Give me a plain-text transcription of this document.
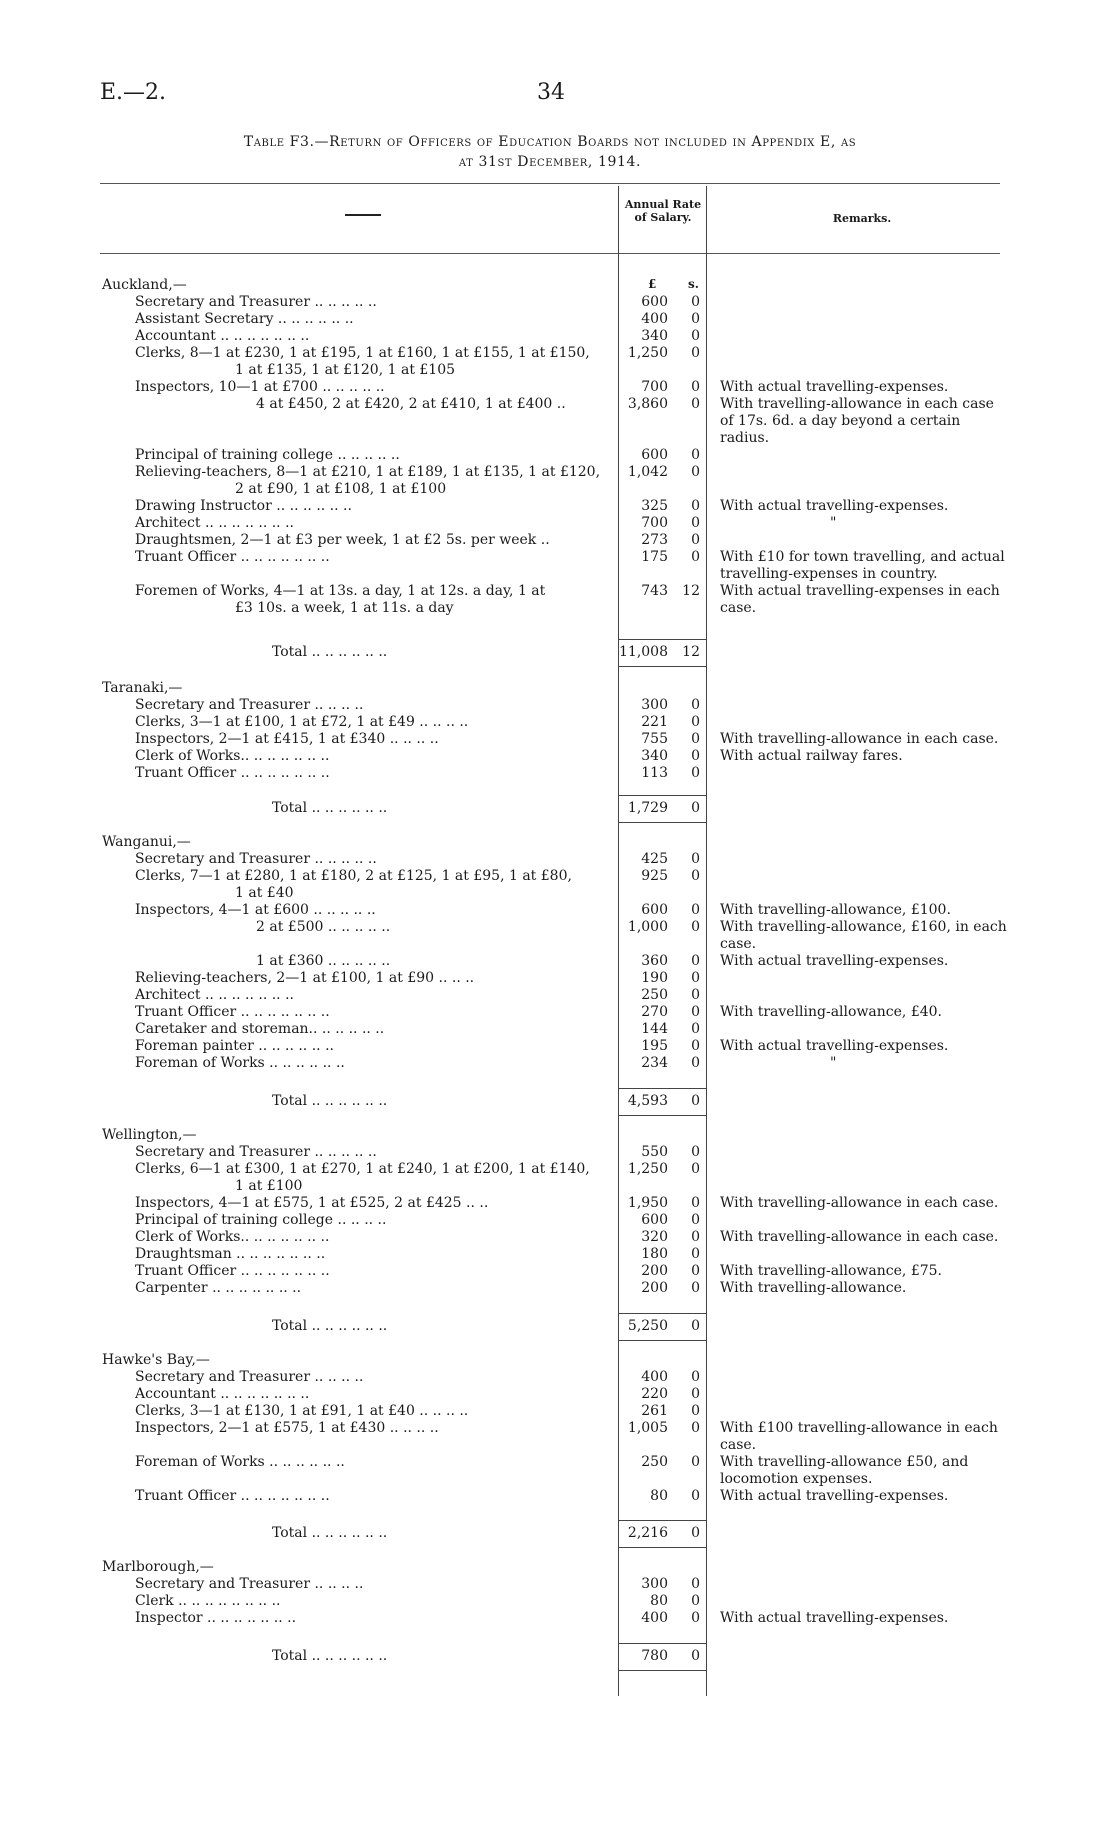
E.—2.	34
Table F3.—Return of Officers of Education Boards not included in Appendix E, as
at 31st December, 1914.
Annual Rate of Salary.	Remarks.
£	s.
Auckland,—
Secretary and Treasurer .. .. .. .. ..	600	0
Assistant Secretary .. .. .. .. .. ..	400	0
Accountant .. .. .. .. .. .. ..	340	0
Clerks, 8—1 at £230, 1 at £195, 1 at £160, 1 at £155, 1 at £150,
1 at £135, 1 at £120, 1 at £105
1,250	0
Inspectors, 10—1 at £700 .. .. .. .. ..	700	0 With actual travelling-expenses.
4 at £450, 2 at £420, 2 at £410, 1 at £400 ..	3,860	0 With travelling-allowance in each case of 17s. 6d. a day beyond a certain radius.
Principal of training college .. .. .. .. ..	600	0
Relieving-teachers, 8—1 at £210, 1 at £189, 1 at £135, 1 at £120,
2 at £90, 1 at £108, 1 at £100
1,042	0
Drawing Instructor .. .. .. .. .. ..	325	0 With actual travelling-expenses.
Architect .. .. .. .. .. .. ..	700	0	"
Draughtsmen, 2—1 at £3 per week, 1 at £2 5s. per week ..	273	0
Truant Officer .. .. .. .. .. .. ..	175	0 With £10 for town travelling, and actual travelling-expenses in country.
Foremen of Works, 4—1 at 13s. a day, 1 at 12s. a day, 1 at
£3 10s. a week, 1 at 11s. a day
743 12 With actual travelling-expenses in each case.
Total .. .. .. .. .. ..	11,008 12
Taranaki,—
Secretary and Treasurer .. .. .. ..	300	0
Clerks, 3—1 at £100, 1 at £72, 1 at £49 .. .. .. ..	221	0
Inspectors, 2—1 at £415, 1 at £340 .. .. .. ..	755	0 With travelling-allowance in each case.
Clerk of Works.. .. .. .. .. .. ..	340	0 With actual railway fares.
Truant Officer .. .. .. .. .. .. ..	113	0
Total .. .. .. .. .. ..	1,729	0
Wanganui,—
Secretary and Treasurer .. .. .. .. ..	425	0
Clerks, 7—1 at £280, 1 at £180, 2 at £125, 1 at £95, 1 at £80,
1 at £40
925	0
Inspectors, 4—1 at £600 .. .. .. .. ..	600	0 With travelling-allowance, £100.
2 at £500 .. .. .. .. ..	1,000	0 With travelling-allowance, £160, in each case.
1 at £360 .. .. .. .. ..	360	0 With actual travelling-expenses.
Relieving-teachers, 2—1 at £100, 1 at £90 .. .. ..	190	0
Architect .. .. .. .. .. .. ..	250	0
Truant Officer .. .. .. .. .. .. ..	270	0 With travelling-allowance, £40.
Caretaker and storeman.. .. .. .. .. ..	144	0
Foreman painter .. .. .. .. .. ..	195	0 With actual travelling-expenses.
Foreman of Works .. .. .. .. .. ..	234	0	"
Total .. .. .. .. .. ..	4,593	0
Wellington,—
Secretary and Treasurer .. .. .. .. ..	550	0
Clerks, 6—1 at £300, 1 at £270, 1 at £240, 1 at £200, 1 at £140,
1 at £100
1,250	0
Inspectors, 4—1 at £575, 1 at £525, 2 at £425 .. ..	1,950	0 With travelling-allowance in each case.
Principal of training college .. .. .. ..	600	0
Clerk of Works.. .. .. .. .. .. ..	320	0 With travelling-allowance in each case.
Draughtsman .. .. .. .. .. .. ..	180	0
Truant Officer .. .. .. .. .. .. ..	200	0 With travelling-allowance, £75.
Carpenter .. .. .. .. .. .. ..	200	0 With travelling-allowance.
Total .. .. .. .. .. ..	5,250	0
Hawke's Bay,—
Secretary and Treasurer .. .. .. ..	400	0
Accountant .. .. .. .. .. .. ..	220	0
Clerks, 3—1 at £130, 1 at £91, 1 at £40 .. .. .. ..	261	0
Inspectors, 2—1 at £575, 1 at £430 .. .. .. ..	1,005	0 With £100 travelling-allowance in each case.
Foreman of Works .. .. .. .. .. ..	250	0 With travelling-allowance £50, and locomotion expenses.
Truant Officer .. .. .. .. .. .. ..	80	0 With actual travelling-expenses.
Total .. .. .. .. .. ..	2,216	0
Marlborough,—
Secretary and Treasurer .. .. .. ..	300	0
Clerk .. .. .. .. .. .. .. ..	80	0
Inspector .. .. .. .. .. .. ..	400	0 With actual travelling-expenses.
Total .. .. .. .. .. ..	780	0
